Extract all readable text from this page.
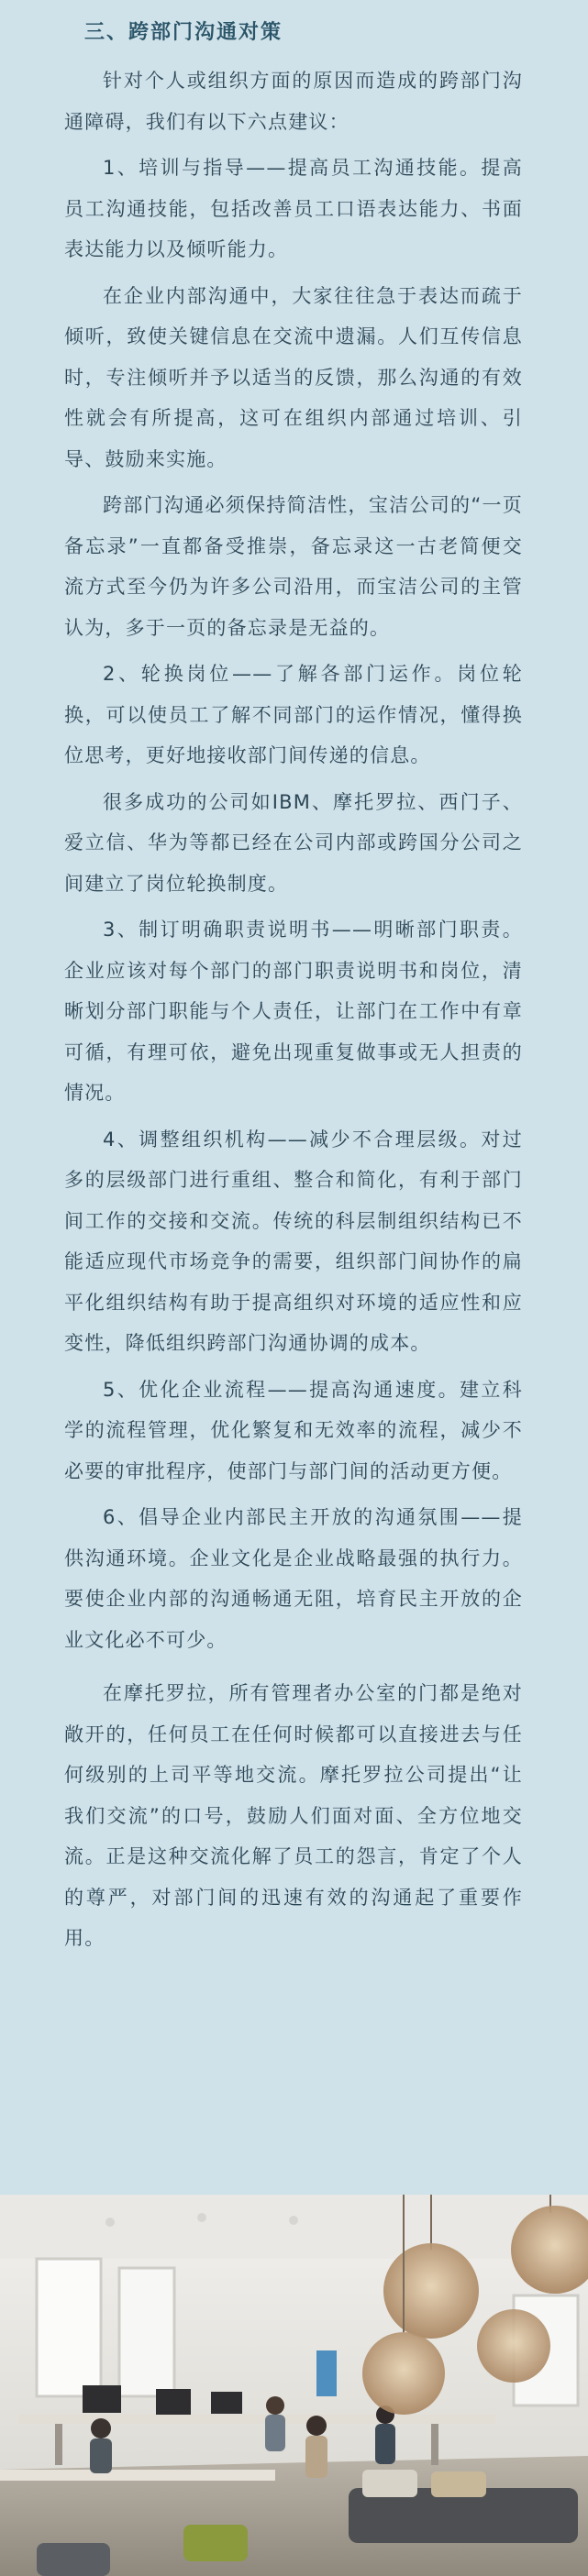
三、跨部门沟通对策

针对个人或组织方面的原因而造成的跨部门沟通障碍，我们有以下六点建议：

1、培训与指导——提高员工沟通技能。提高员工沟通技能，包括改善员工口语表达能力、书面表达能力以及倾听能力。

在企业内部沟通中，大家往往急于表达而疏于倾听，致使关键信息在交流中遗漏。人们互传信息时，专注倾听并予以适当的反馈，那么沟通的有效性就会有所提高，这可在组织内部通过培训、引导、鼓励来实施。

跨部门沟通必须保持简洁性，宝洁公司的“一页备忘录”一直都备受推崇，备忘录这一古老简便交流方式至今仍为许多公司沿用，而宝洁公司的主管认为，多于一页的备忘录是无益的。

2、轮换岗位——了解各部门运作。岗位轮换，可以使员工了解不同部门的运作情况，懂得换位思考，更好地接收部门间传递的信息。

很多成功的公司如IBM、摩托罗拉、西门子、爱立信、华为等都已经在公司内部或跨国分公司之间建立了岗位轮换制度。

3、制订明确职责说明书——明晰部门职责。企业应该对每个部门的部门职责说明书和岗位，清晰划分部门职能与个人责任，让部门在工作中有章可循，有理可依，避免出现重复做事或无人担责的情况。

4、调整组织机构——减少不合理层级。对过多的层级部门进行重组、整合和简化，有利于部门间工作的交接和交流。传统的科层制组织结构已不能适应现代市场竞争的需要，组织部门间协作的扁平化组织结构有助于提高组织对环境的适应性和应变性，降低组织跨部门沟通协调的成本。

5、优化企业流程——提高沟通速度。建立科学的流程管理，优化繁复和无效率的流程，减少不必要的审批程序，使部门与部门间的活动更方便。

6、倡导企业内部民主开放的沟通氛围——提供沟通环境。企业文化是企业战略最强的执行力。要使企业内部的沟通畅通无阻，培育民主开放的企业文化必不可少。

在摩托罗拉，所有管理者办公室的门都是绝对敞开的，任何员工在任何时候都可以直接进去与任何级别的上司平等地交流。摩托罗拉公司提出“让我们交流”的口号，鼓励人们面对面、全方位地交流。正是这种交流化解了员工的怨言，肯定了个人的尊严，对部门间的迅速有效的沟通起了重要作用。
